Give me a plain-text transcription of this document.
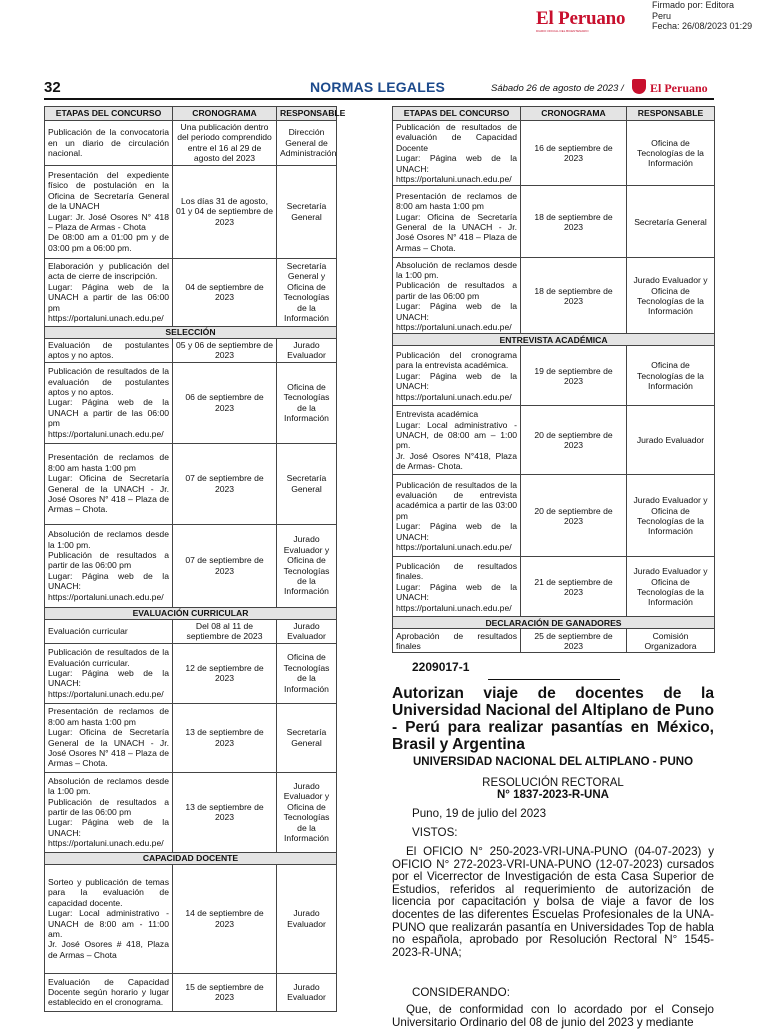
El Peruano
DIARIO OFICIAL DEL BICENTENARIO
Firmado por: Editora
Peru
Fecha: 26/08/2023 01:29
32	NORMAS LEGALES	Sábado 26 de agosto de 2023 / El Peruano
ETAPAS DEL CONCURSO	CRONOGRAMA	RESPONSABLE
Publicación de la convocatoria en un diario de circulación nacional.	Una publicación dentro del periodo comprendido entre el 16 al 29 de agosto del 2023	Dirección General de Administración
Presentación del expediente físico de postulación en la Oficina de Secretaría General de la UNACH
Lugar: Jr. José Osores N° 418 – Plaza de Armas - Chota
De 08:00 am a 01:00 pm y de 03:00 pm a 06:00 pm.	Los días 31 de agosto, 01 y 04 de septiembre de 2023	Secretaría General
Elaboración y publicación del acta de cierre de inscripción.
Lugar: Página web de la UNACH a partir de las 06:00 pm
https://portaluni.unach.edu.pe/	04 de septiembre de 2023	Secretaría General y Oficina de Tecnologías de la Información
SELECCIÓN		
Evaluación de postulantes aptos y no aptos.	05 y 06 de septiembre de 2023	Jurado Evaluador
Publicación de resultados de la evaluación de postulantes aptos y no aptos.
Lugar: Página web de la UNACH a partir de las 06:00 pm
https://portaluni.unach.edu.pe/	06 de septiembre de 2023	Oficina de Tecnologías de la Información
Presentación de reclamos de 8:00 am hasta 1:00 pm
Lugar: Oficina de Secretaría General de la UNACH - Jr. José Osores N° 418 – Plaza de Armas – Chota.	07 de septiembre de 2023	Secretaría General
Absolución de reclamos desde la 1:00 pm.
Publicación de resultados a partir de las 06:00 pm
Lugar: Página web de la UNACH: https://portaluni.unach.edu.pe/	07 de septiembre de 2023	Jurado Evaluador y Oficina de Tecnologías de la Información
EVALUACIÓN CURRICULAR		
Evaluación curricular	Del 08 al 11 de septiembre de 2023	Jurado Evaluador
Publicación de resultados de la Evaluación curricular.
Lugar: Página web de la UNACH: https://portaluni.unach.edu.pe/	12 de septiembre de 2023	Oficina de Tecnologías de la Información
Presentación de reclamos de 8:00 am hasta 1:00 pm
Lugar: Oficina de Secretaría General de la UNACH - Jr. José Osores N° 418 – Plaza de Armas – Chota.	13 de septiembre de 2023	Secretaría General
Absolución de reclamos desde la 1:00 pm.
Publicación de resultados a partir de las 06:00 pm
Lugar: Página web de la UNACH: https://portaluni.unach.edu.pe/	13 de septiembre de 2023	Jurado Evaluador y Oficina de Tecnologías de la Información
CAPACIDAD DOCENTE		
Sorteo y publicación de temas para la evaluación de capacidad docente.
Lugar: Local administrativo - UNACH de 8:00 am - 11:00 am.
Jr. José Osores # 418, Plaza de Armas – Chota	14 de septiembre de 2023	Jurado Evaluador
Evaluación de Capacidad Docente según horario y lugar establecido en el cronograma.	15 de septiembre de 2023	Jurado Evaluador
ETAPAS DEL CONCURSO	CRONOGRAMA	RESPONSABLE
Publicación de resultados de evaluación de Capacidad Docente
Lugar: Página web de la UNACH: https://portaluni.unach.edu.pe/	16 de septiembre de 2023	Oficina de Tecnologías de la Información
Presentación de reclamos de 8:00 am hasta 1:00 pm
Lugar: Oficina de Secretaría General de la UNACH - Jr. José Osores N° 418 – Plaza de Armas – Chota.	18 de septiembre de 2023	Secretaría General
Absolución de reclamos desde la 1:00 pm.
Publicación de resultados a partir de las 06:00 pm
Lugar: Página web de la UNACH: https://portaluni.unach.edu.pe/	18 de septiembre de 2023	Jurado Evaluador y Oficina de Tecnologías de la Información
ENTREVISTA ACADÉMICA		
Publicación del cronograma para la entrevista académica.
Lugar: Página web de la UNACH: https://portaluni.unach.edu.pe/	19 de septiembre de 2023	Oficina de Tecnologías de la Información
Entrevista académica
Lugar: Local administrativo - UNACH, de 08:00 am – 1:00 pm.
Jr. José Osores N°418, Plaza de Armas- Chota.	20 de septiembre de 2023	Jurado Evaluador
Publicación de resultados de la evaluación de entrevista académica a partir de las 03:00 pm
Lugar: Página web de la UNACH: https://portaluni.unach.edu.pe/	20 de septiembre de 2023	Jurado Evaluador y Oficina de Tecnologías de la Información
Publicación de resultados finales.
Lugar: Página web de la UNACH: https://portaluni.unach.edu.pe/	21 de septiembre de 2023	Jurado Evaluador y Oficina de Tecnologías de la Información
DECLARACIÓN DE GANADORES		
Aprobación de resultados finales	25 de septiembre de 2023	Comisión Organizadora
2209017-1
Autorizan viaje de docentes de la Universidad Nacional del Altiplano de Puno - Perú para realizar pasantías en México, Brasil y Argentina
UNIVERSIDAD NACIONAL DEL ALTIPLANO - PUNO
RESOLUCIÓN RECTORAL
N° 1837-2023-R-UNA
Puno, 19 de julio del 2023
VISTOS:
El OFICIO N° 250-2023-VRI-UNA-PUNO (04-07-2023) y OFICIO N° 272-2023-VRI-UNA-PUNO (12-07-2023) cursados por el Vicerrector de Investigación de esta Casa Superior de Estudios, referidos al requerimiento de autorización de licencia por capacitación y bolsa de viaje a favor de los docentes de las diferentes Escuelas Profesionales de la UNA-PUNO que realizarán pasantía en Universidades Top de habla no española, aprobado por Resolución Rectoral N° 1545-2023-R-UNA;
CONSIDERANDO:
Que, de conformidad con lo acordado por el Consejo Universitario Ordinario del 08 de junio del 2023 y mediante
